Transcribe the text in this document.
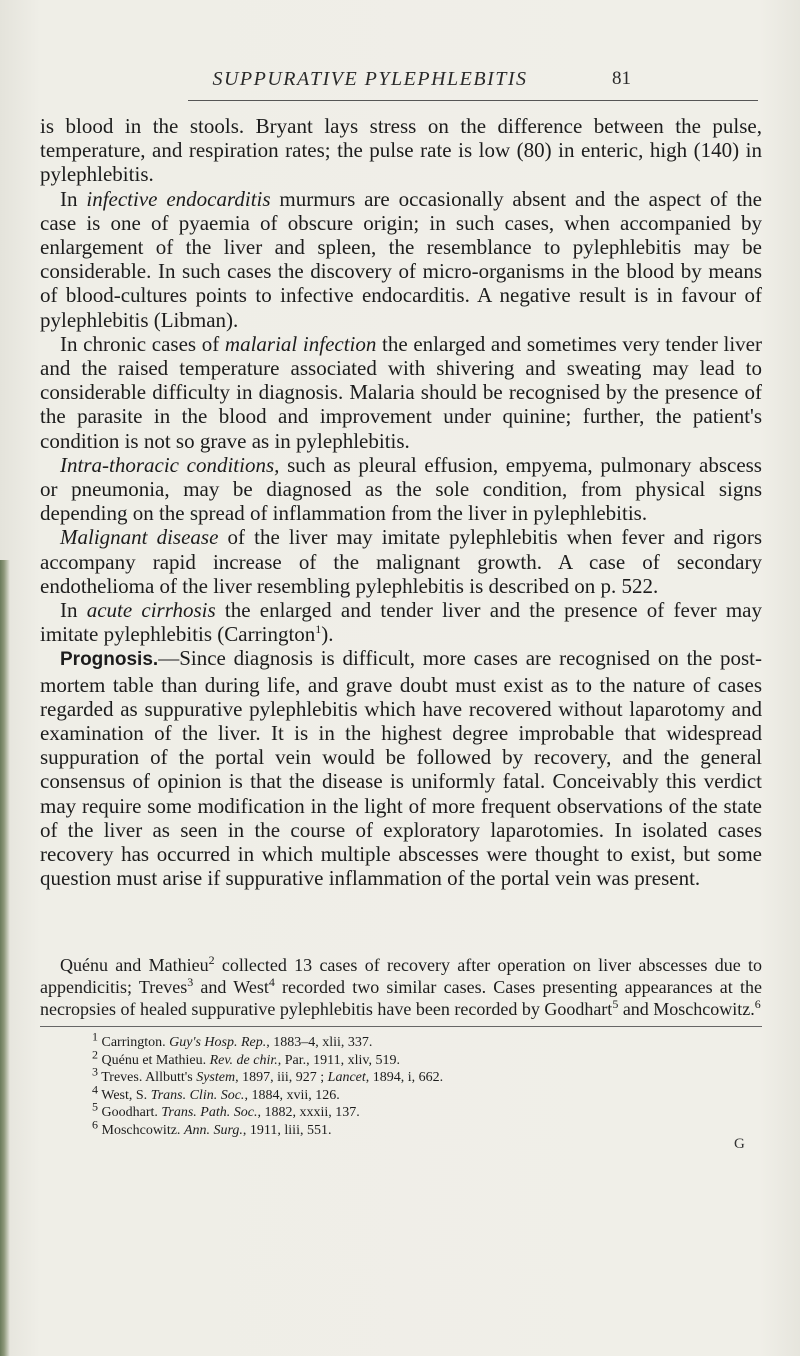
SUPPURATIVE PYLEPHLEBITIS	81

is blood in the stools. Bryant lays stress on the difference between the pulse, temperature, and respiration rates; the pulse rate is low (80) in enteric, high (140) in pylephlebitis.

In infective endocarditis murmurs are occasionally absent and the aspect of the case is one of pyaemia of obscure origin; in such cases, when accompanied by enlargement of the liver and spleen, the resemblance to pylephlebitis may be considerable. In such cases the discovery of micro-organisms in the blood by means of blood-cultures points to infective endocarditis. A negative result is in favour of pylephlebitis (Libman).

In chronic cases of malarial infection the enlarged and sometimes very tender liver and the raised temperature associated with shivering and sweating may lead to considerable difficulty in diagnosis. Malaria should be recognised by the presence of the parasite in the blood and improvement under quinine; further, the patient's condition is not so grave as in pylephlebitis.

Intra-thoracic conditions, such as pleural effusion, empyema, pulmonary abscess or pneumonia, may be diagnosed as the sole condition, from physical signs depending on the spread of inflammation from the liver in pylephlebitis.

Malignant disease of the liver may imitate pylephlebitis when fever and rigors accompany rapid increase of the malignant growth. A case of secondary endothelioma of the liver resembling pylephlebitis is described on p. 522.

In acute cirrhosis the enlarged and tender liver and the presence of fever may imitate pylephlebitis (Carrington$^1$).

Prognosis.—Since diagnosis is difficult, more cases are recognised on the post-mortem table than during life, and grave doubt must exist as to the nature of cases regarded as suppurative pylephlebitis which have recovered without laparotomy and examination of the liver. It is in the highest degree improbable that widespread suppuration of the portal vein would be followed by recovery, and the general consensus of opinion is that the disease is uniformly fatal. Conceivably this verdict may require some modification in the light of more frequent observations of the state of the liver as seen in the course of exploratory laparotomies. In isolated cases recovery has occurred in which multiple abscesses were thought to exist, but some question must arise if suppurative inflammation of the portal vein was present.

Quénu and Mathieu$^2$ collected 13 cases of recovery after operation on liver abscesses due to appendicitis; Treves$^3$ and West$^4$ recorded two similar cases. Cases presenting appearances at the necropsies of healed suppurative pylephlebitis have been recorded by Goodhart$^5$ and Moschcowitz.$^6$

$^1$ Carrington. Guy's Hosp. Rep., 1883–4, xlii, 337.
$^2$ Quénu et Mathieu. Rev. de chir., Par., 1911, xliv, 519.
$^3$ Treves. Allbutt's System, 1897, iii, 927 ; Lancet, 1894, i, 662.
$^4$ West, S. Trans. Clin. Soc., 1884, xvii, 126.
$^5$ Goodhart. Trans. Path. Soc., 1882, xxxii, 137.
$^6$ Moschcowitz. Ann. Surg., 1911, liii, 551.
G
